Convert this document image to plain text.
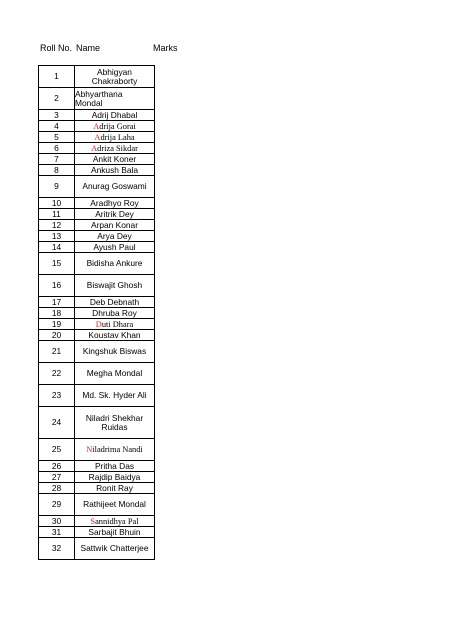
Roll No. Name	Marks
1	Abhigyan
Chakraborty

2	Abhyarthana
Mondal

3	Adrij Dhabal
4	Adrija Gorai
5	Adrija Laha
6	Adriza Sikdar
7	Ankit Koner
8	Ankush Bala
9	Anurag Goswami
10	Aradhyo Roy
11	Aritrik Dey
12	Arpan Konar
13	Arya Dey
14	Ayush Paul
15	Bidisha Ankure
16	Biswajit Ghosh
17	Deb Debnath
18	Dhruba Roy
19	Duti Dhara
20	Koustav Khan
21	Kingshuk Biswas
22	Megha Mondal
23	Md. Sk. Hyder Ali
24	Niladri Shekhar
Ruidas

25	Niladrima Nandi
26	Pritha Das
27	Rajdip Baidya
28	Ronit Ray
29	Rathijeet Mondal
30	Sannidhya Pal
31	Sarbajit Bhuin
32	Sattwik Chatterjee
